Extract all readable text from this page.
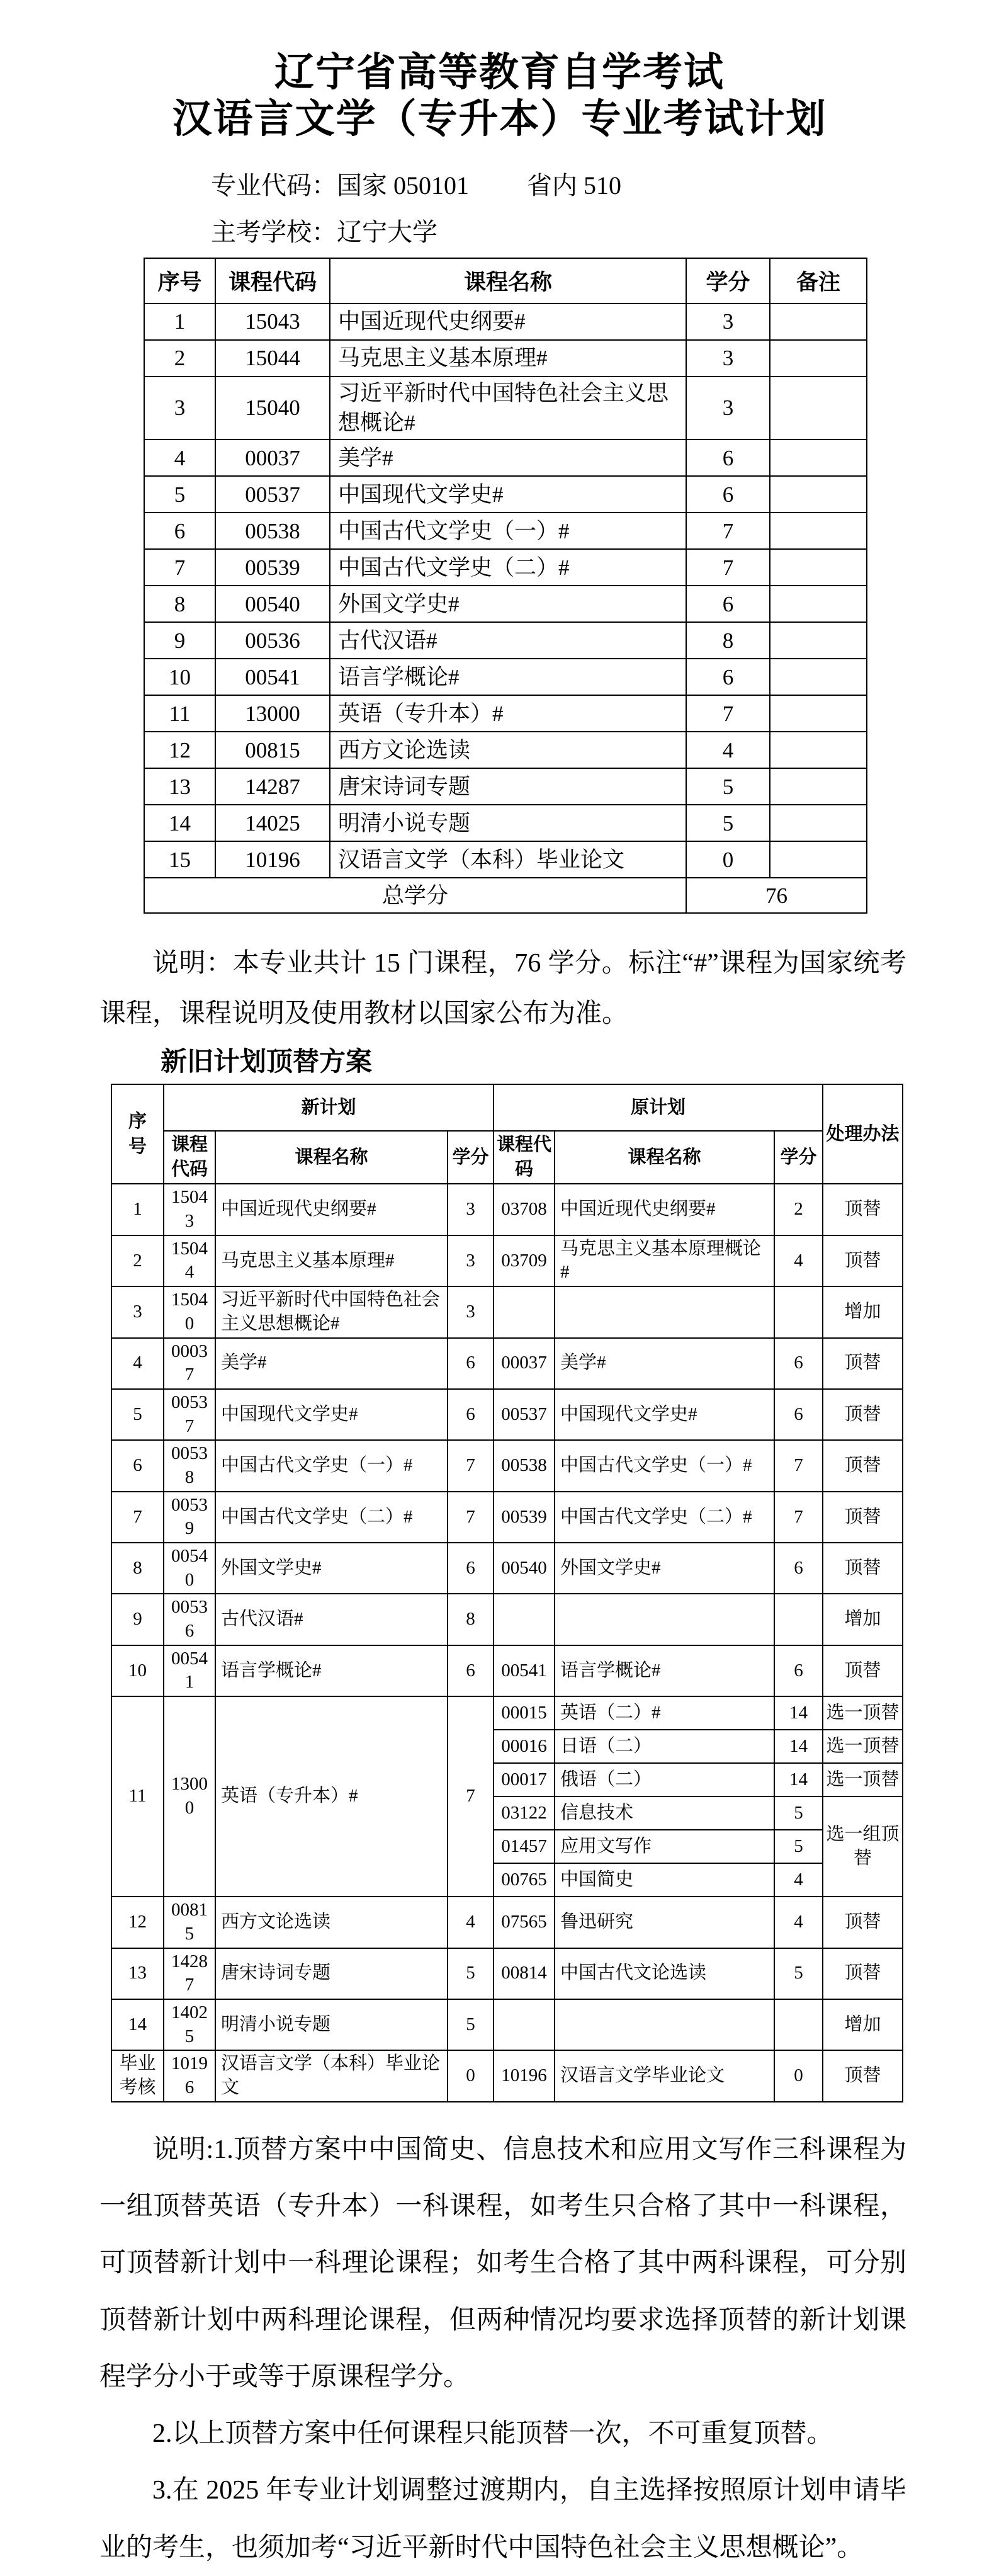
辽宁省高等教育自学考试
汉语言文学（专升本）专业考试计划
专业代码：国家 050101 省内 510
主考学校：辽宁大学
序号	课程代码	课程名称	学分	备注
1	15043	中国近现代史纲要#	3	
2	15044	马克思主义基本原理#	3	
3	15040	习近平新时代中国特色社会主义思想概论#	3	
4	00037	美学#	6	
5	00537	中国现代文学史#	6	
6	00538	中国古代文学史（一）#	7	
7	00539	中国古代文学史（二）#	7	
8	00540	外国文学史#	6	
9	00536	古代汉语#	8	
10	00541	语言学概论#	6	
11	13000	英语（专升本）#	7	
12	00815	西方文论选读	4	
13	14287	唐宋诗词专题	5	
14	14025	明清小说专题	5	
15	10196	汉语言文学（本科）毕业论文	0	
总学分			76	

说明：本专业共计 15 门课程，76 学分。标注“#”课程为国家统考课程，课程说明及使用教材以国家公布为准。

新旧计划顶替方案
序号	新计划			原计划			处理办法
	课程代码	课程名称	学分	课程代码	课程名称	学分	
1	15043	中国近现代史纲要#	3	03708	中国近现代史纲要#	2	顶替
2	15044	马克思主义基本原理#	3	03709	马克思主义基本原理概论#	4	顶替
3	15040	习近平新时代中国特色社会主义思想概论#	3				增加
4	00037	美学#	6	00037	美学#	6	顶替
5	00537	中国现代文学史#	6	00537	中国现代文学史#	6	顶替
6	00538	中国古代文学史（一）#	7	00538	中国古代文学史（一）#	7	顶替
7	00539	中国古代文学史（二）#	7	00539	中国古代文学史（二）#	7	顶替
8	00540	外国文学史#	6	00540	外国文学史#	6	顶替
9	00536	古代汉语#	8				增加
10	00541	语言学概论#	6	00541	语言学概论#	6	顶替
11	13000	英语（专升本）#	7	00015	英语（二）#	14	选一顶替
				00016	日语（二）	14	选一顶替
				00017	俄语（二）	14	选一顶替
				03122	信息技术	5	选一组顶替
				01457	应用文写作	5	
				00765	中国简史	4	
12	00815	西方文论选读	4	07565	鲁迅研究	4	顶替
13	14287	唐宋诗词专题	5	00814	中国古代文论选读	5	顶替
14	14025	明清小说专题	5				增加
毕业考核	10196	汉语言文学（本科）毕业论文	0	10196	汉语言文学毕业论文	0	顶替

说明:1.顶替方案中中国简史、信息技术和应用文写作三科课程为一组顶替英语（专升本）一科课程，如考生只合格了其中一科课程，可顶替新计划中一科理论课程；如考生合格了其中两科课程，可分别顶替新计划中两科理论课程，但两种情况均要求选择顶替的新计划课程学分小于或等于原课程学分。

2.以上顶替方案中任何课程只能顶替一次，不可重复顶替。

3.在 2025 年专业计划调整过渡期内，自主选择按照原计划申请毕业的考生，也须加考“习近平新时代中国特色社会主义思想概论”。
